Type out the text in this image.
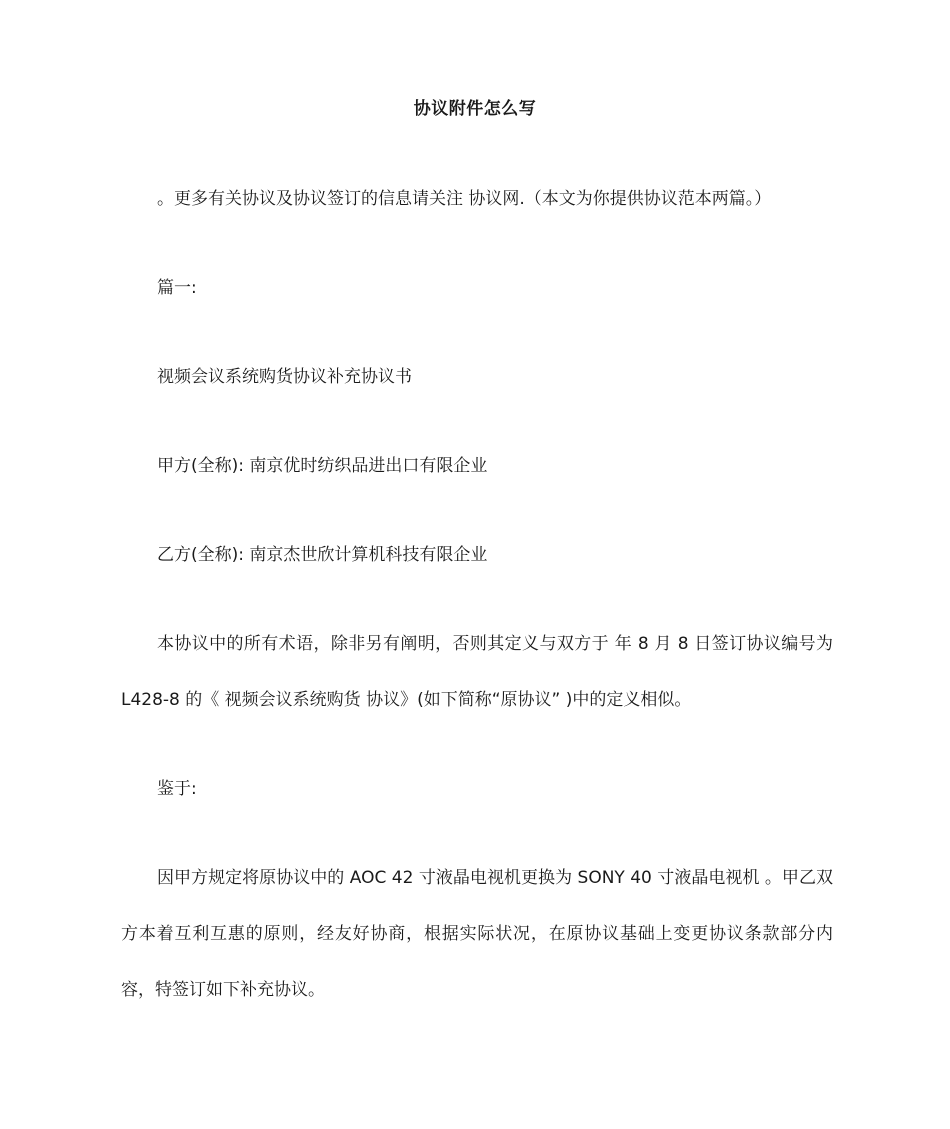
协议附件怎么写

。更多有关协议及协议签订的信息请关注 协议网.（本文为你提供协议范本两篇。）

篇一:

视频会议系统购货协议补充协议书

甲方(全称): 南京优时纺织品进出口有限企业

乙方(全称): 南京杰世欣计算机科技有限企业

本协议中的所有术语，除非另有阐明，否则其定义与双方于 年 8 月 8 日签订协议编号为 L428-8 的《 视频会议系统购货 协议》(如下简称“原协议” )中的定义相似。

鉴于:

因甲方规定将原协议中的 AOC 42 寸液晶电视机更换为 SONY 40 寸液晶电视机 。甲乙双方本着互利互惠的原则，经友好协商，根据实际状况，在原协议基础上变更协议条款部分内容，特签订如下补充协议。
